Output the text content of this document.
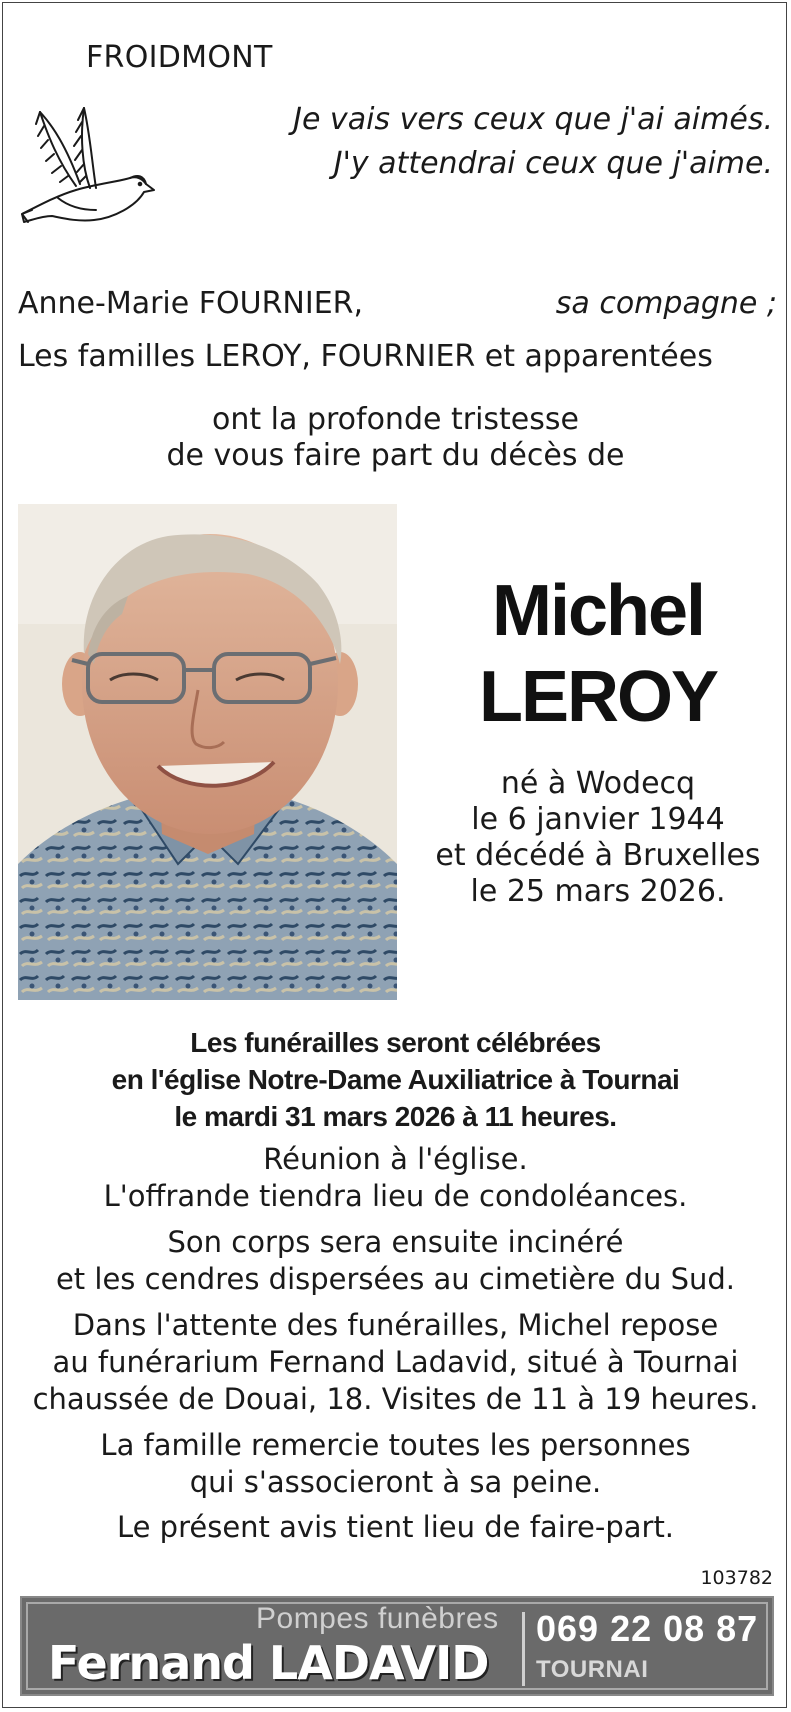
FROIDMONT
Je vais vers ceux que j'ai aimés.
J'y attendrai ceux que j'aime.
Anne-Marie FOURNIER,	sa compagne ;
Les familles LEROY, FOURNIER et apparentées
ont la profonde tristesse
de vous faire part du décès de
Michel
LEROY
né à Wodecq
le 6 janvier 1944
et décédé à Bruxelles
le 25 mars 2026.
Les funérailles seront célébrées
en l'église Notre-Dame Auxiliatrice à Tournai
le mardi 31 mars 2026 à 11 heures.
Réunion à l'église.
L'offrande tiendra lieu de condoléances.
Son corps sera ensuite incinéré
et les cendres dispersées au cimetière du Sud.
Dans l'attente des funérailles, Michel repose
au funérarium Fernand Ladavid, situé à Tournai
chaussée de Douai, 18. Visites de 11 à 19 heures.
La famille remercie toutes les personnes
qui s'associeront à sa peine.
Le présent avis tient lieu de faire-part.
103782
Pompes funèbres
Fernand LADAVID
069 22 08 87
TOURNAI
